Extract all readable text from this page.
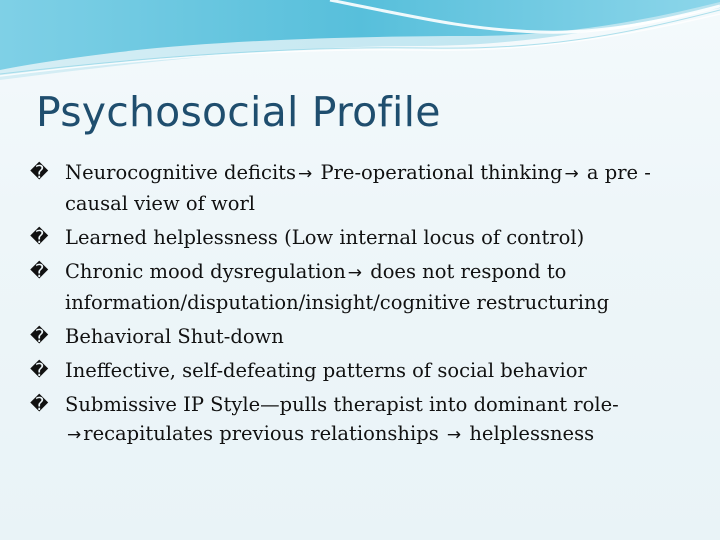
Psychosocial Profile
� Neurocognitive deficits → Pre-operational thinking → a pre -causal view of worl
� Learned helplessness (Low internal locus of control)
� Chronic mood dysregulation → does not respond to information/disputation/insight/cognitive restructuring
� Behavioral Shut-down
� Ineffective, self-defeating patterns of social behavior
� Submissive IP Style—pulls therapist into dominant role-
→ recapitulates previous relationships → helplessness
